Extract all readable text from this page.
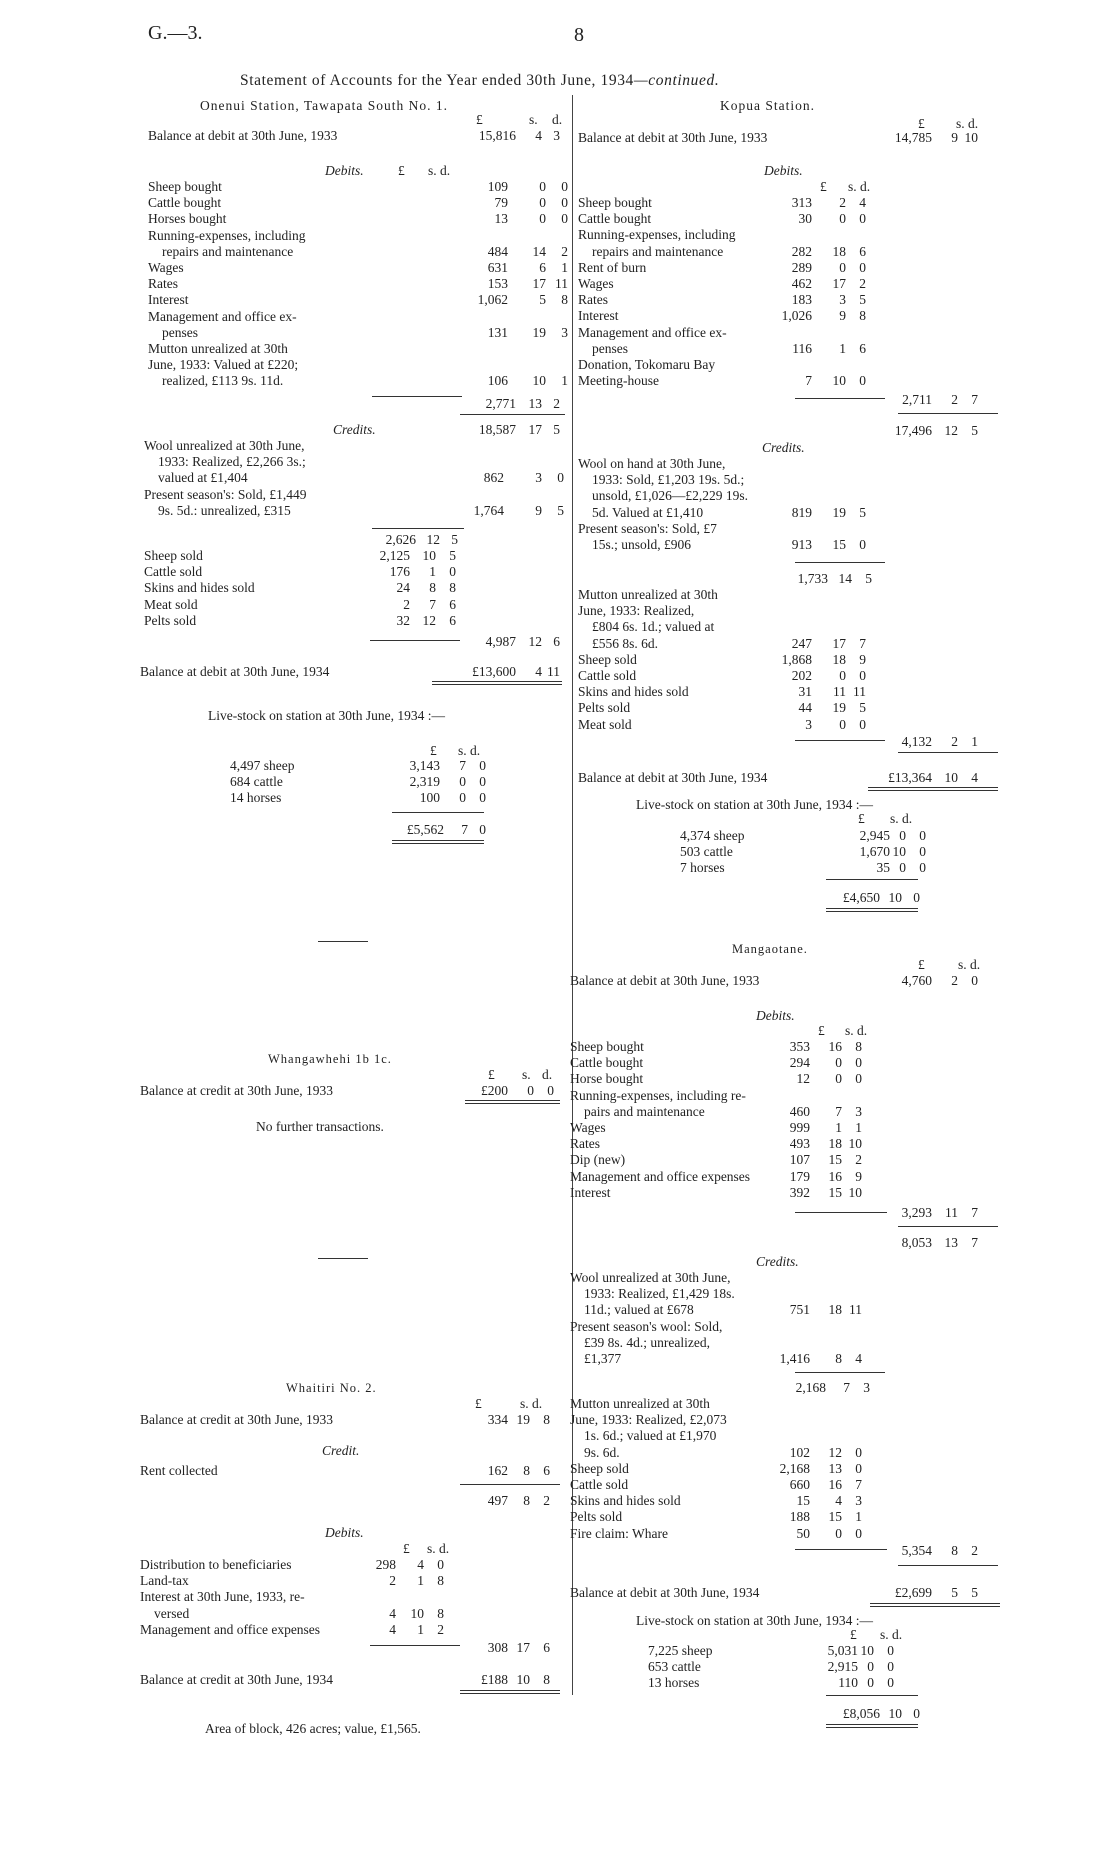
G.—3.	8
Statement of Accounts for the Year ended 30th June, 1934—continued.
Onenui Station, Tawapata South No. 1.
£	s. d.
Balance at debit at 30th June, 1933	15,816	4 3
Debits.	£ s. d.
Sheep bought	109	0	0
Cattle bought	79	0	0
Horses bought	13	0	0
Running-expenses, including
repairs and maintenance	484 14	2
Wages	631	6	1
Rates	153 17 11
Interest	1,062	5	8
Management and office ex-
penses	131 19	3
Mutton unrealized at 30th
June, 1933: Valued at £220;
realized, £113 9s. 11d.	106 10	1
2,771 13 2
Credits.	18,587 17 5
Wool unrealized at 30th June,
1933: Realized, £2,266 3s.;
valued at £1,404	862	3	0
Present season's: Sold, £1,449
9s. 5d.: unrealized, £315	1,764	9	5
2,626 12 5
Sheep sold	2,125 10 5
Cattle sold	176	1 0
Skins and hides sold	24	8 8
Meat sold	2	7 6
Pelts sold	32 12 6
4,987 12 6
Balance at debit at 30th June, 1934	£13,600	4 11
Live-stock on station at 30th June, 1934 :—
£ s. d.
4,497 sheep	3,143	7 0
684 cattle	2,319	0 0
14 horses	100	0 0
£5,562	7 0
Whangawhehi 1b 1c.
£ s. d.
Balance at credit at 30th June, 1933	£200	0 0
No further transactions.
Whaitiri No. 2.
£	s. d.
Balance at credit at 30th June, 1933	334 19 8
Credit.
Rent collected	162	8 6
497	8 2
Debits.
£ s. d.
Distribution to beneficiaries	298	4 0
Land-tax	2	1 8
Interest at 30th June, 1933, re-
versed	4 10 8
Management and office expenses	4	1 2
308 17 6
Balance at credit at 30th June, 1934	£188 10 8
Area of block, 426 acres; value, £1,565.
Kopua Station.
£ s. d.
Balance at debit at 30th June, 1933	14,785	9 10
Debits.
£ s. d.
Sheep bought	313	2 4
Cattle bought	30	0 0
Running-expenses, including
repairs and maintenance	282 18 6
Rent of burn	289	0 0
Wages	462 17 2
Rates	183	3 5
Interest	1,026	9 8
Management and office ex-
penses	116	1 6
Donation, Tokomaru Bay
Meeting-house	7 10 0
2,711	2 7
17,496 12 5
Credits.
Wool on hand at 30th June,
1933: Sold, £1,203 19s. 5d.;
unsold, £1,026—£2,229 19s.
5d. Valued at £1,410	819 19 5
Present season's: Sold, £7
15s.; unsold, £906	913 15 0
1,733 14 5
Mutton unrealized at 30th
June, 1933: Realized,
£804 6s. 1d.; valued at
£556 8s. 6d.	247 17 7
Sheep sold	1,868 18 9
Cattle sold	202	0 0
Skins and hides sold	31 11 11
Pelts sold	44 19 5
Meat sold	3	0 0
4,132	2 1
Balance at debit at 30th June, 1934	£13,364 10 4
Live-stock on station at 30th June, 1934 :—
£ s. d.
4,374 sheep	2,945 0 0
503 cattle	1,670 10 0
7 horses	35 0 0
£4,650 10 0
Mangaotane.
£ s. d.
Balance at debit at 30th June, 1933	4,760	2 0
Debits.
£ s. d.
Sheep bought	353 16 8
Cattle bought	294	0 0
Horse bought	12	0 0
Running-expenses, including re-
pairs and maintenance	460	7 3
Wages	999	1 1
Rates	493 18 10
Dip (new)	107 15 2
Management and office expenses	179 16 9
Interest	392 15 10
3,293 11 7
8,053 13 7
Credits.
Wool unrealized at 30th June,
1933: Realized, £1,429 18s.
11d.; valued at £678	751 18 11
Present season's wool: Sold,
£39 8s. 4d.; unrealized,
£1,377	1,416	8 4
2,168	7 3
Mutton unrealized at 30th
June, 1933: Realized, £2,073
1s. 6d.; valued at £1,970
9s. 6d.	102 12 0
Sheep sold	2,168 13 0
Cattle sold	660 16 7
Skins and hides sold	15	4 3
Pelts sold	188 15 1
Fire claim: Whare	50	0 0
5,354	8 2
Balance at debit at 30th June, 1934	£2,699	5 5
Live-stock on station at 30th June, 1934 :—
£ s. d.
7,225 sheep	5,031 10 0
653 cattle	2,915 0 0
13 horses	110 0 0
£8,056 10 0
